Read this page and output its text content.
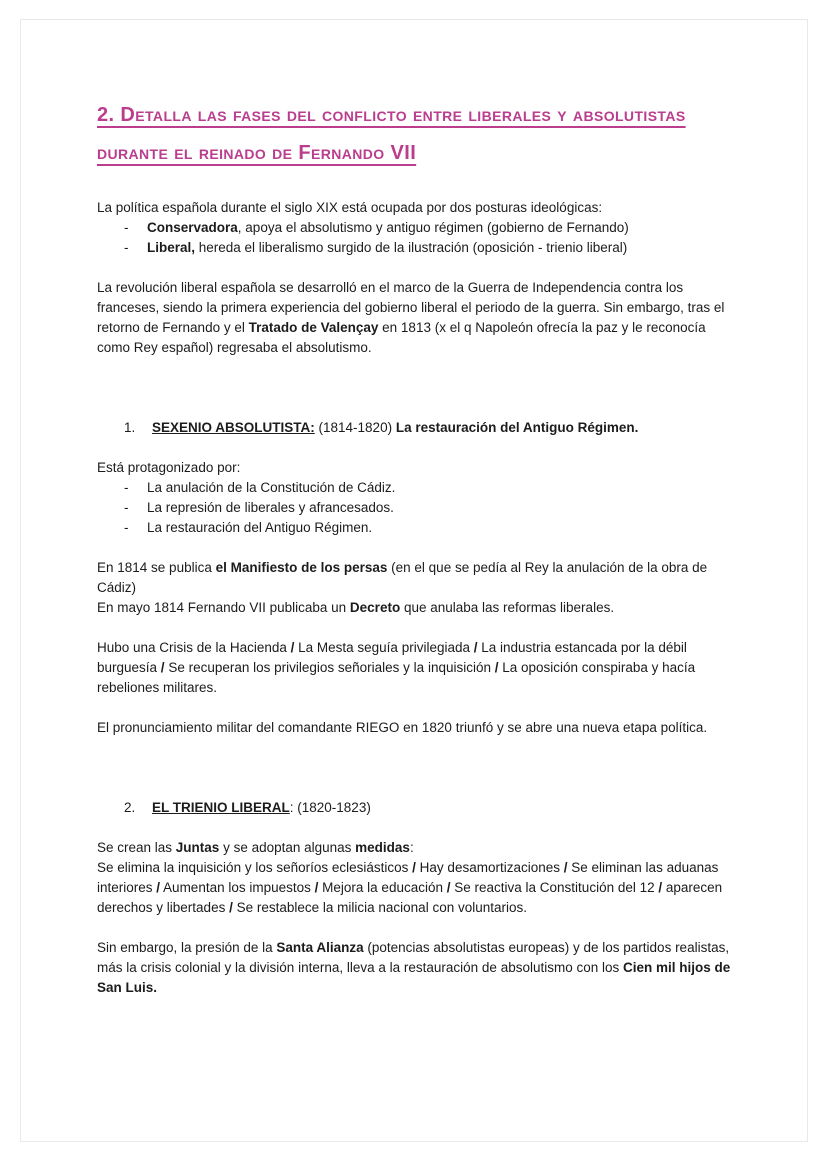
2. Detalla las fases del conflicto entre liberales y absolutistas durante el reinado de Fernando VII

La política española durante el siglo XIX está ocupada por dos posturas ideológicas:

-	Conservadora, apoya el absolutismo y antiguo régimen (gobierno de Fernando)
-	Liberal, hereda el liberalismo surgido de la ilustración (oposición - trienio liberal)

La revolución liberal española se desarrolló en el marco de la Guerra de Independencia contra los franceses, siendo la primera experiencia del gobierno liberal el periodo de la guerra. Sin embargo, tras el retorno de Fernando y el Tratado de Valençay en 1813 (x el q Napoleón ofrecía la paz y le reconocía como Rey español) regresaba el absolutismo.

1.	SEXENIO ABSOLUTISTA: (1814-1820) La restauración del Antiguo Régimen.

Está protagonizado por:

-	La anulación de la Constitución de Cádiz.
-	La represión de liberales y afrancesados.
-	La restauración del Antiguo Régimen.

En 1814 se publica el Manifiesto de los persas (en el que se pedía al Rey la anulación de la obra de Cádiz)

En mayo 1814 Fernando VII publicaba un Decreto que anulaba las reformas liberales.

Hubo una Crisis de la Hacienda / La Mesta seguía privilegiada / La industria estancada por la débil burguesía / Se recuperan los privilegios señoriales y la inquisición / La oposición conspiraba y hacía rebeliones militares.

El pronunciamiento militar del comandante RIEGO en 1820 triunfó y se abre una nueva etapa política.

2.	EL TRIENIO LIBERAL: (1820-1823)

Se crean las Juntas y se adoptan algunas medidas:

Se elimina la inquisición y los señoríos eclesiásticos / Hay desamortizaciones / Se eliminan las aduanas interiores / Aumentan los impuestos / Mejora la educación / Se reactiva la Constitución del 12 / aparecen derechos y libertades / Se restablece la milicia nacional con voluntarios.

Sin embargo, la presión de la Santa Alianza (potencias absolutistas europeas) y de los partidos realistas, más la crisis colonial y la división interna, lleva a la restauración de absolutismo con los Cien mil hijos de San Luis.
